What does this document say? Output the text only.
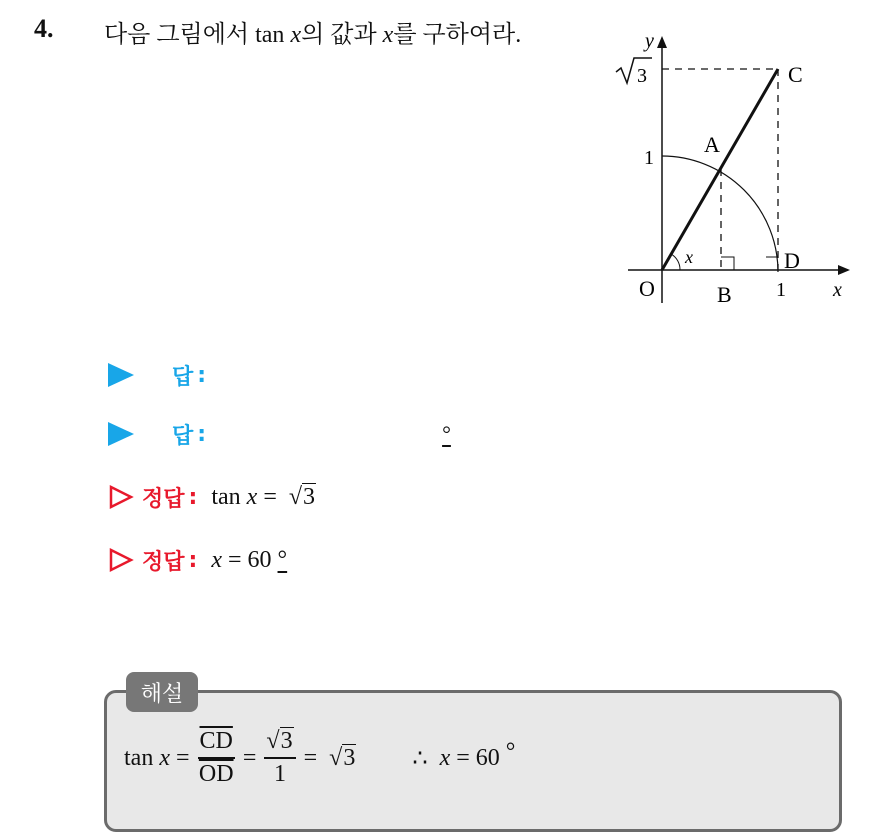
4. 다음 그림에서 tan x의 값과 x를 구하여라.	y
x
3
1
1
A
B
C
D
O
x
답 :
답 :	°
정답 : tan x =  √3
정답 : x = 60 °
해설
tan
x
= $\frac{\overline{CD}}{OD} = \frac{√3}{1}$ = √ 3 ∴
x
=
60
°
